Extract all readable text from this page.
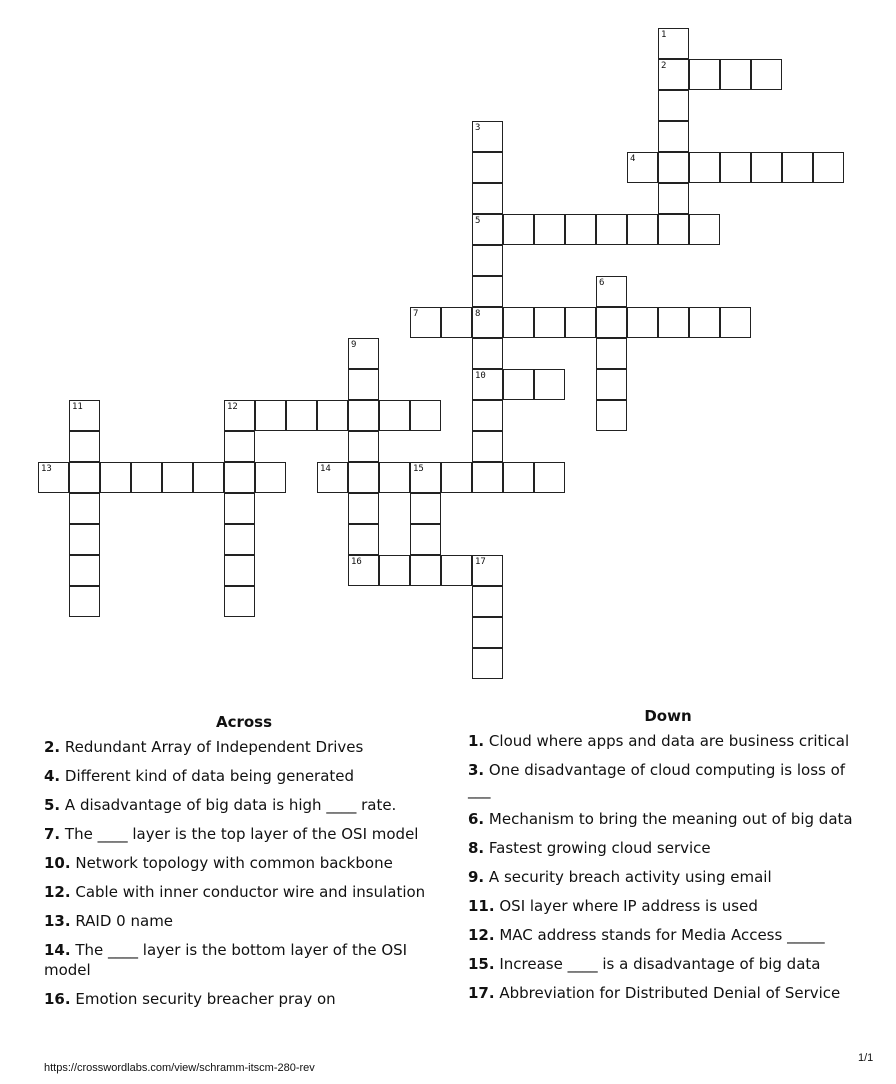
1
2
3
5
4
6
7	8
10
9
11	12
13	14	15
16	17
Across
2. Redundant Array of Independent Drives
4. Different kind of data being generated
5. A disadvantage of big data is high ____ rate.
7. The ____ layer is the top layer of the OSI model
10. Network topology with common backbone
12. Cable with inner conductor wire and insulation
13. RAID 0 name
14. The ____ layer is the bottom layer of the OSI model
16. Emotion security breacher pray on
Down
1. Cloud where apps and data are business critical
3. One disadvantage of cloud computing is loss of ___
6. Mechanism to bring the meaning out of big data
8. Fastest growing cloud service
9. A security breach activity using email
11. OSI layer where IP address is used
12. MAC address stands for Media Access _____
15. Increase ____ is a disadvantage of big data
17. Abbreviation for Distributed Denial of Service
https://crosswordlabs.com/view/schramm-itscm-280-rev
1/1
